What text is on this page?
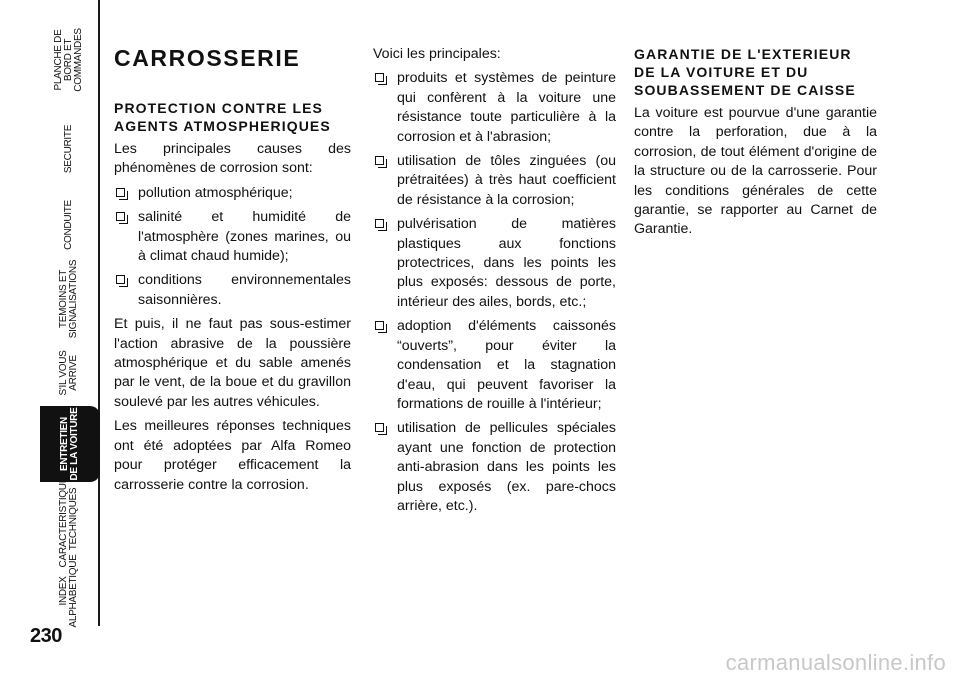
PLANCHE DE
BORD ET
COMMANDES
SECURITE
CONDUITE
TEMOINS ET
SIGNALISATIONS
S'IL VOUS
ARRIVE
ENTRETIEN
DE LA VOITURE
CARACTERISTIQUES
TECHNIQUES
INDEX
ALPHABETIQUE
230
CARROSSERIE
PROTECTION CONTRE LES AGENTS ATMOSPHERIQUES

Les principales causes des phénomènes de corrosion sont:

pollution atmosphérique;
salinité et humidité de l'atmosphère (zones marines, ou à climat chaud humide);
conditions environnementales saisonnières.

Et puis, il ne faut pas sous-estimer l'action abrasive de la poussière atmosphérique et du sable amenés par le vent, de la boue et du gravillon soulevé par les autres véhicules.

Les meilleures réponses techniques ont été adoptées par Alfa Romeo pour protéger efficacement la carrosserie contre la corrosion.

Voici les principales:

produits et systèmes de peinture qui confèrent à la voiture une résistance toute particulière à la corrosion et à l'abrasion;
utilisation de tôles zinguées (ou prétraitées) à très haut coefficient de résistance à la corrosion;
pulvérisation de matières plastiques aux fonctions protectrices, dans les points les plus exposés: dessous de porte, intérieur des ailes, bords, etc.;
adoption d'éléments caissonés “ouverts”, pour éviter la condensation et la stagnation d'eau, qui peuvent favoriser la formations de rouille à l'intérieur;
utilisation de pellicules spéciales ayant une fonction de protection anti-abrasion dans les points les plus exposés (ex. pare-chocs arrière, etc.).
GARANTIE DE L'EXTERIEUR DE LA VOITURE ET DU SOUBASSEMENT DE CAISSE

La voiture est pourvue d'une garantie contre la perforation, due à la corrosion, de tout élément d'origine de la structure ou de la carrosserie. Pour les conditions générales de cette garantie, se rapporter au Carnet de Garantie.

carmanualsonline.info
